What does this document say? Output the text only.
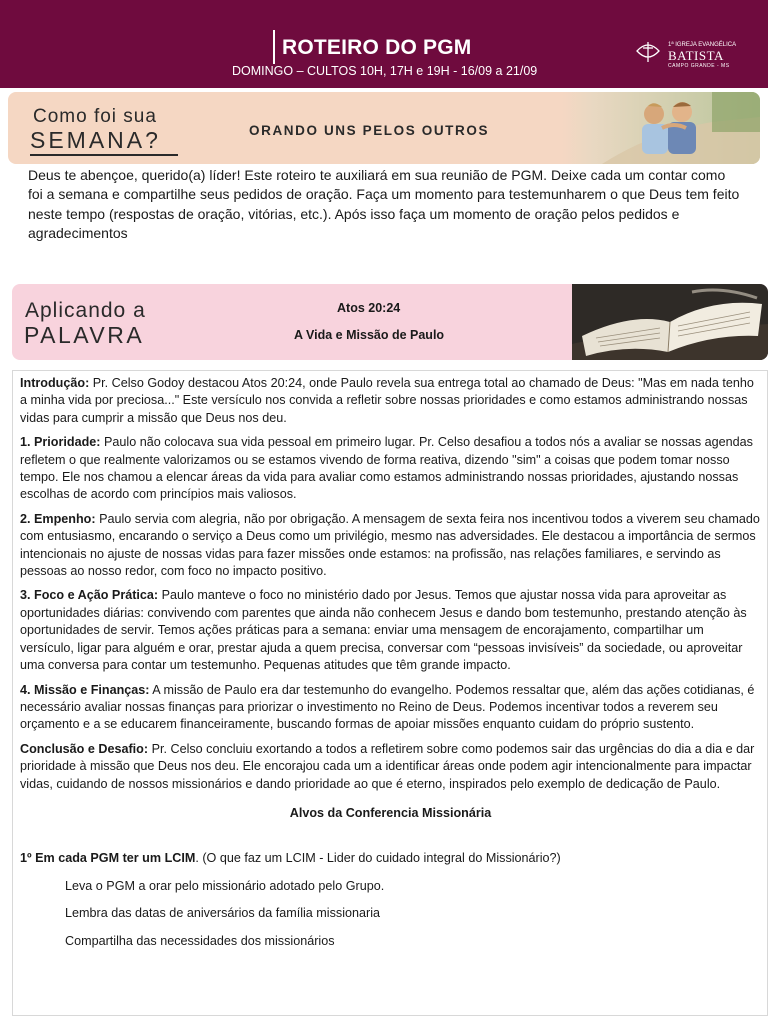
ROTEIRO DO PGM
DOMINGO – CULTOS 10H, 17H e 19H - 16/09 a 21/09
1ª IGREJA EVANGÉLICA
BATISTA
CAMPO GRANDE - MS
Como foi sua
SEMANA?	ORANDO UNS PELOS OUTROS
Deus te abençoe, querido(a) líder! Este roteiro te auxiliará em sua reunião de PGM. Deixe cada um contar como foi a semana e compartilhe seus pedidos de oração. Faça um momento para testemunharem o que Deus tem feito neste tempo (respostas de oração, vitórias, etc.). Após isso faça um momento de oração pelos pedidos e agradecimentos
Aplicando a
PALAVRA
Atos 20:24
A Vida e Missão de Paulo

Introdução: Pr. Celso Godoy destacou Atos 20:24, onde Paulo revela sua entrega total ao chamado de Deus: "Mas em nada tenho a minha vida por preciosa..." Este versículo nos convida a refletir sobre nossas prioridades e como estamos administrando nossas vidas para cumprir a missão que Deus nos deu.

1. Prioridade: Paulo não colocava sua vida pessoal em primeiro lugar. Pr. Celso desafiou a todos nós a avaliar se nossas agendas refletem o que realmente valorizamos ou se estamos vivendo de forma reativa, dizendo "sim" a coisas que podem tomar nosso tempo. Ele nos chamou a elencar áreas da vida para avaliar como estamos administrando nossas prioridades, ajustando nossas escolhas de acordo com princípios mais valiosos.

2. Empenho: Paulo servia com alegria, não por obrigação. A mensagem de sexta feira nos incentivou todos a viverem seu chamado com entusiasmo, encarando o serviço a Deus como um privilégio, mesmo nas adversidades. Ele destacou a importância de sermos intencionais no ajuste de nossas vidas para fazer missões onde estamos: na profissão, nas relações familiares, e servindo as pessoas ao nosso redor, com foco no impacto positivo.

3. Foco e Ação Prática: Paulo manteve o foco no ministério dado por Jesus. Temos que ajustar nossa vida para aproveitar as oportunidades diárias: convivendo com parentes que ainda não conhecem Jesus e dando bom testemunho, prestando atenção às oportunidades de servir. Temos ações práticas para a semana: enviar uma mensagem de encorajamento, compartilhar um versículo, ligar para alguém e orar, prestar ajuda a quem precisa, conversar com “pessoas invisíveis” da sociedade, ou aproveitar uma conversa para contar um testemunho. Pequenas atitudes que têm grande impacto.

4. Missão e Finanças: A missão de Paulo era dar testemunho do evangelho. Podemos ressaltar que, além das ações cotidianas, é necessário avaliar nossas finanças para priorizar o investimento no Reino de Deus. Podemos incentivar todos a reverem seu orçamento e a se educarem financeiramente, buscando formas de apoiar missões enquanto cuidam do próprio sustento.

Conclusão e Desafio: Pr. Celso concluiu exortando a todos a refletirem sobre como podemos sair das urgências do dia a dia e dar prioridade à missão que Deus nos deu. Ele encorajou cada um a identificar áreas onde podem agir intencionalmente para impactar vidas, cuidando de nossos missionários e dando prioridade ao que é eterno, inspirados pelo exemplo de dedicação de Paulo.

Alvos da Conferencia Missionária

1º Em cada PGM ter um LCIM. (O que faz um LCIM - Lider do cuidado integral do Missionário?)

Leva o PGM a orar pelo missionário adotado pelo Grupo.

Lembra das datas de aniversários da família missionaria

Compartilha das necessidades dos missionários
